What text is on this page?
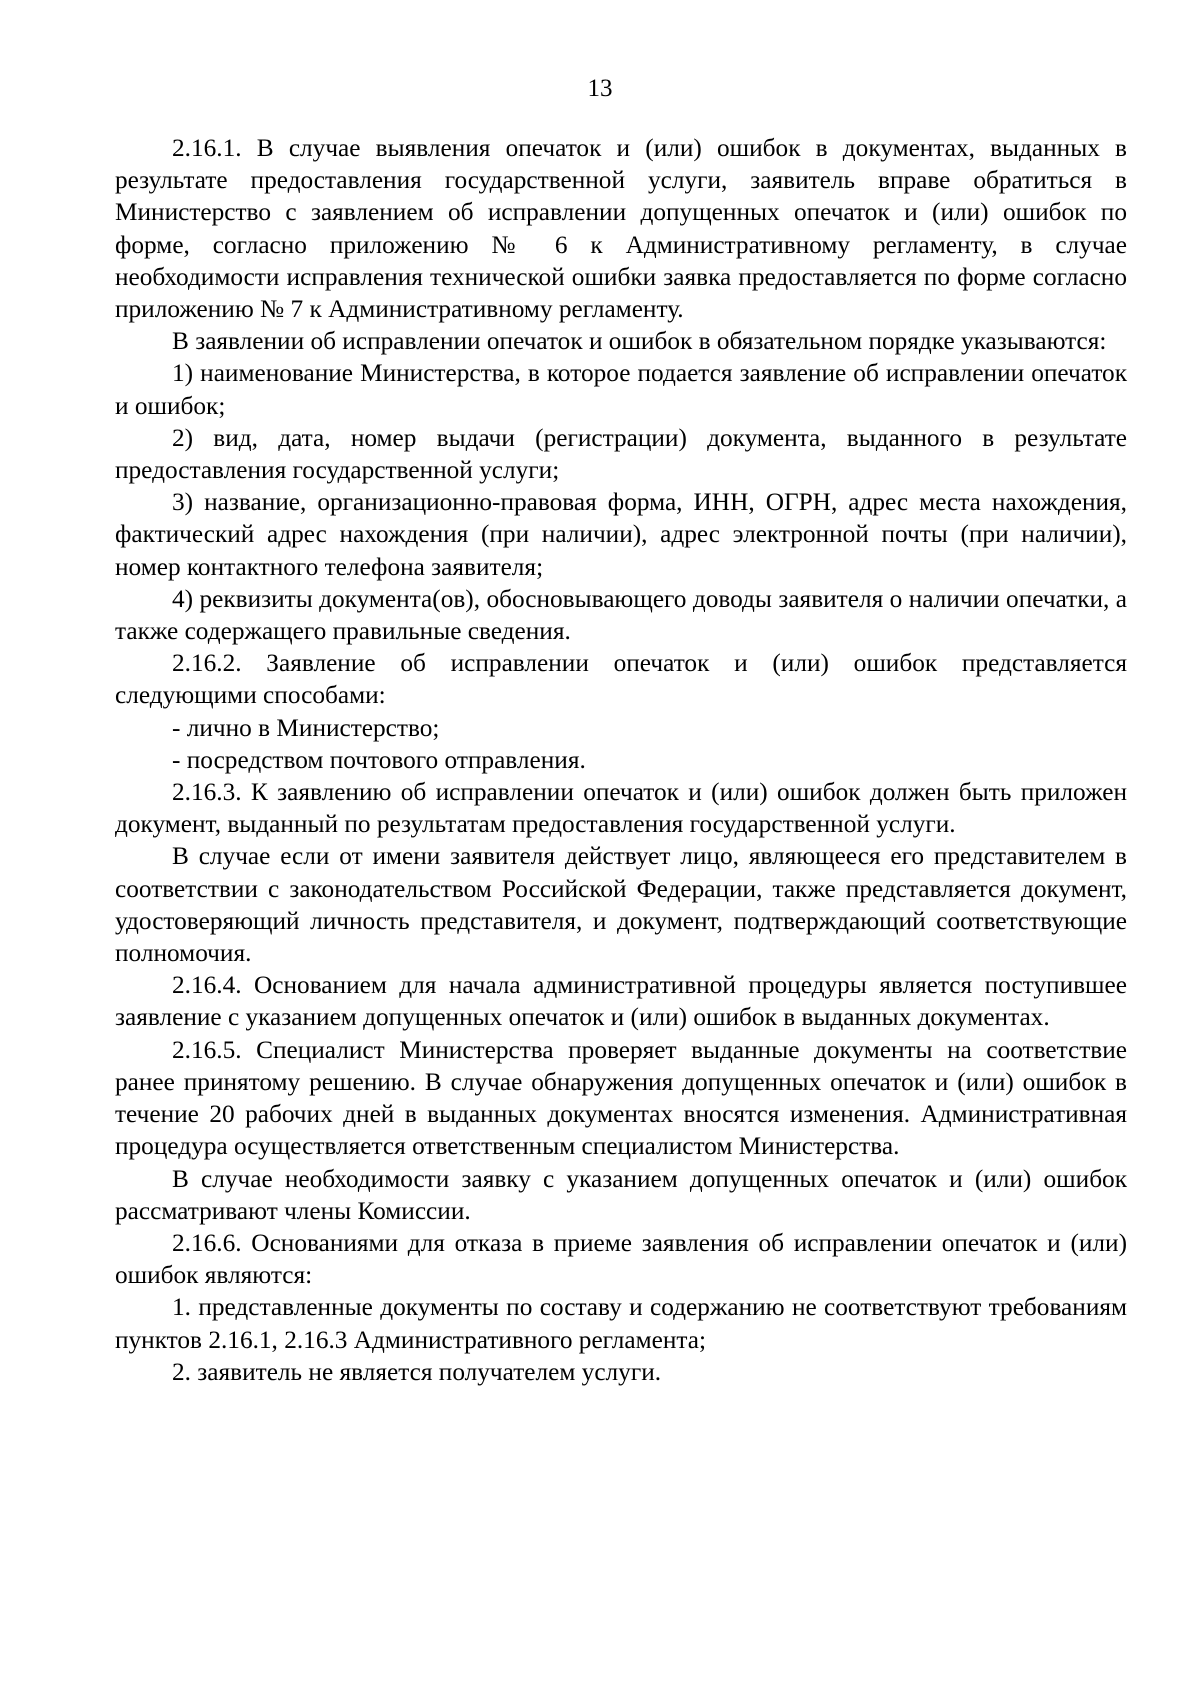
13

2.16.1. В случае выявления опечаток и (или) ошибок в документах, выданных в результате предоставления государственной услуги, заявитель вправе обратиться в Министерство с заявлением об исправлении допущенных опечаток и (или) ошибок по форме, согласно приложению № 6 к Административному регламенту, в случае необходимости исправления технической ошибки заявка предоставляется по форме согласно приложению № 7 к Административному регламенту.

В заявлении об исправлении опечаток и ошибок в обязательном порядке указываются:

1) наименование Министерства, в которое подается заявление об исправлении опечаток и ошибок;

2) вид, дата, номер выдачи (регистрации) документа, выданного в результате предоставления государственной услуги;

3) название, организационно-правовая форма, ИНН, ОГРН, адрес места нахождения, фактический адрес нахождения (при наличии), адрес электронной почты (при наличии), номер контактного телефона заявителя;

4) реквизиты документа(ов), обосновывающего доводы заявителя о наличии опечатки, а также содержащего правильные сведения.

2.16.2. Заявление об исправлении опечаток и (или) ошибок представляется следующими способами:

- лично в Министерство;

- посредством почтового отправления.

2.16.3. К заявлению об исправлении опечаток и (или) ошибок должен быть приложен документ, выданный по результатам предоставления государственной услуги.

В случае если от имени заявителя действует лицо, являющееся его представителем в соответствии с законодательством Российской Федерации, также представляется документ, удостоверяющий личность представителя, и документ, подтверждающий соответствующие полномочия.

2.16.4. Основанием для начала административной процедуры является поступившее заявление с указанием допущенных опечаток и (или) ошибок в выданных документах.

2.16.5. Специалист Министерства проверяет выданные документы на соответствие ранее принятому решению. В случае обнаружения допущенных опечаток и (или) ошибок в течение 20 рабочих дней в выданных документах вносятся изменения. Административная процедура осуществляется ответственным специалистом Министерства.

В случае необходимости заявку с указанием допущенных опечаток и (или) ошибок рассматривают члены Комиссии.

2.16.6. Основаниями для отказа в приеме заявления об исправлении опечаток и (или) ошибок являются:

1. представленные документы по составу и содержанию не соответствуют требованиям пунктов 2.16.1, 2.16.3 Административного регламента;

2. заявитель не является получателем услуги.
